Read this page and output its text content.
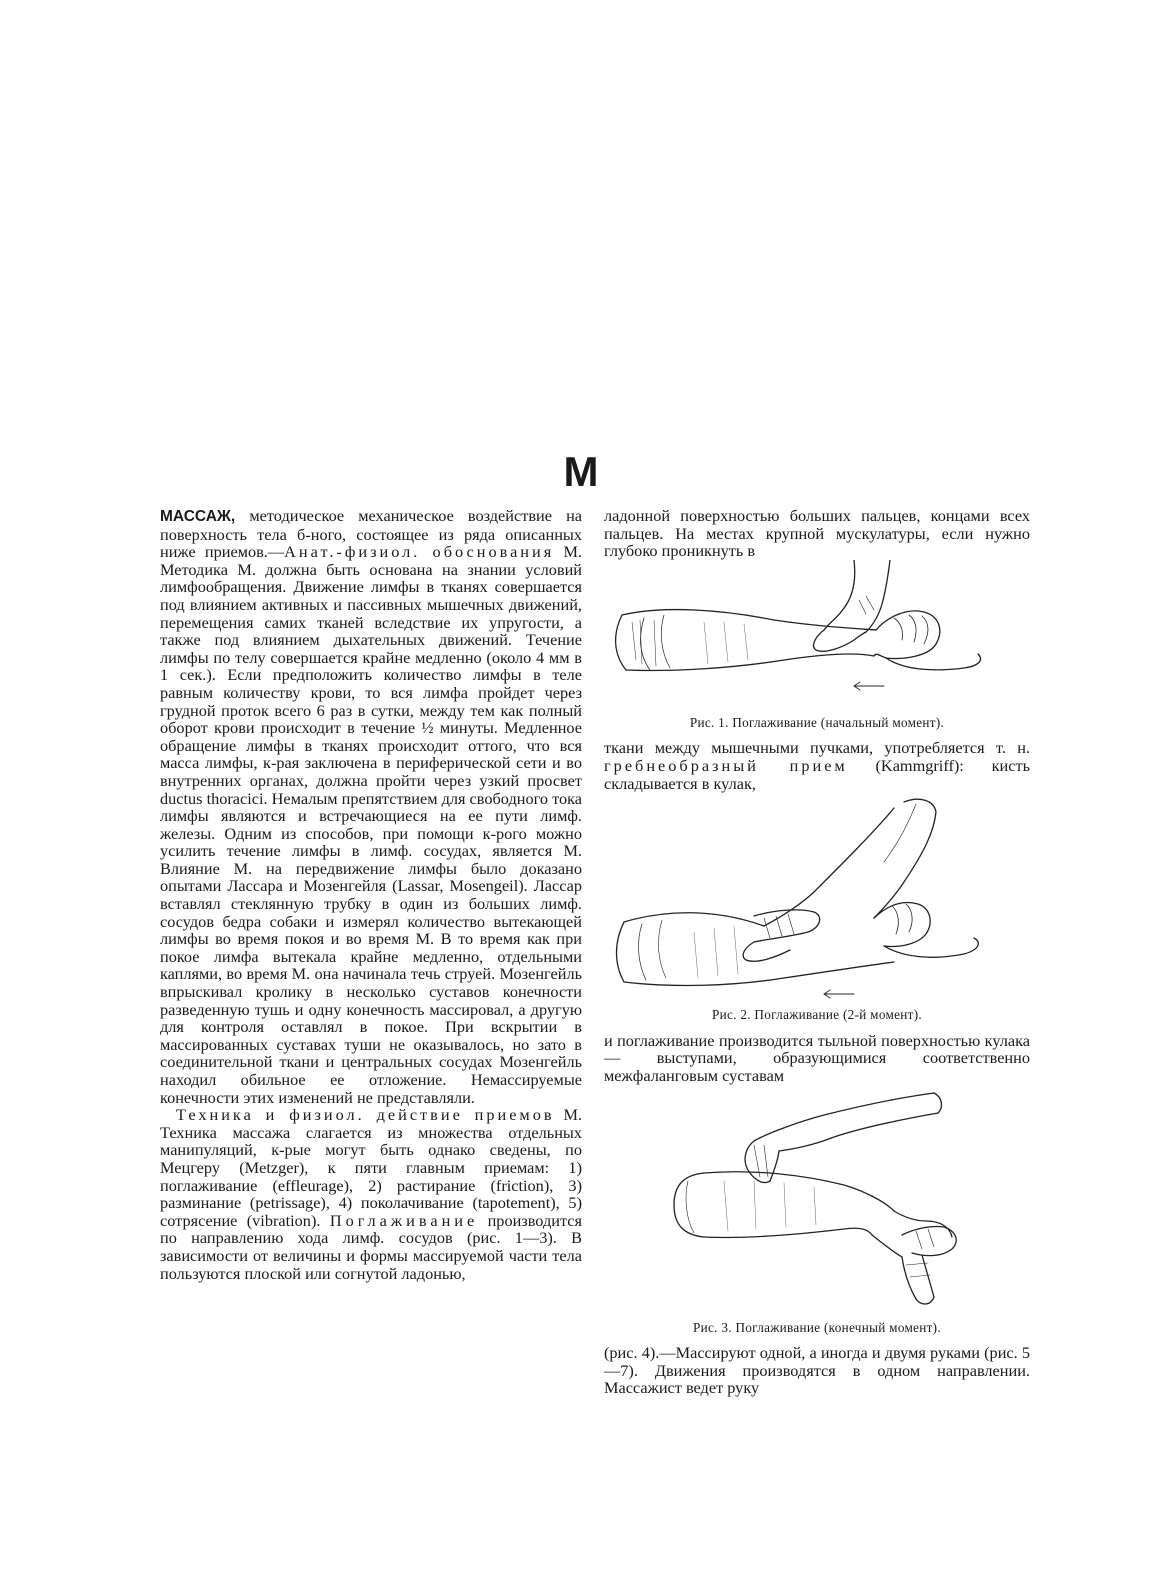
М

МАССАЖ, методическое механическое воздействие на поверхность тела б-ного, состоящее из ряда описанных ниже приемов.—Анат.-физиол. обоснования М. Методика М. должна быть основана на знании условий лимфообращения. Движение лимфы в тканях совершается под влиянием активных и пассивных мышечных движений, перемещения самих тканей вследствие их упругости, а также под влиянием дыхательных движений. Течение лимфы по телу совершается крайне медленно (около 4 мм в 1 сек.). Если предположить количество лимфы в теле равным количеству крови, то вся лимфа пройдет через грудной проток всего 6 раз в сутки, между тем как полный оборот крови происходит в течение ½ минуты. Медленное обращение лимфы в тканях происходит оттого, что вся масса лимфы, к-рая заключена в периферической сети и во внутренних органах, должна пройти через узкий просвет ductus thoracici. Немалым препятствием для свободного тока лимфы являются и встречающиеся на ее пути лимф. железы. Одним из способов, при помощи к-рого можно усилить течение лимфы в лимф. сосудах, является М. Влияние М. на передвижение лимфы было доказано опытами Лассара и Мозенгейля (Lassar, Mosengeil). Лассар вставлял стеклянную трубку в один из больших лимф. сосудов бедра собаки и измерял количество вытекающей лимфы во время покоя и во время М. В то время как при покое лимфа вытекала крайне медленно, отдельными каплями, во время М. она начинала течь струей. Мозенгейль впрыскивал кролику в несколько суставов конечности разведенную тушь и одну конечность массировал, а другую для контроля оставлял в покое. При вскрытии в массированных суставах туши не оказывалось, но зато в соединительной ткани и центральных сосудах Мозенгейль находил обильное ее отложение. Немассируемые конечности этих изменений не представляли.

Техника и физиол. действие приемов М. Техника массажа слагается из множества отдельных манипуляций, к-рые могут быть однако сведены, по Мецгеру (Metzger), к пяти главным приемам: 1) поглаживание (effleurage), 2) растирание (friction), 3) разминание (petrissage), 4) поколачивание (tapotement), 5) сотрясение (vibration). Поглаживание производится по направлению хода лимф. сосудов (рис. 1—3). В зависимости от величины и формы массируемой части тела пользуются плоской или согнутой ладонью,

ладонной поверхностью больших пальцев, концами всех пальцев. На местах крупной мускулатуры, если нужно глубоко проникнуть в

Рис. 1. Поглаживание (начальный момент).

ткани между мышечными пучками, употребляется т. н. гребнеобразный прием (Kammgriff): кисть складывается в кулак,

Рис. 2. Поглаживание (2-й момент).

и поглаживание производится тыльной поверхностью кулака — выступами, образующимися соответственно межфаланговым суставам

Рис. 3. Поглаживание (конечный момент).

(рис. 4).—Массируют одной, а иногда и двумя руками (рис. 5—7). Движения производятся в одном направлении. Массажист ведет руку
